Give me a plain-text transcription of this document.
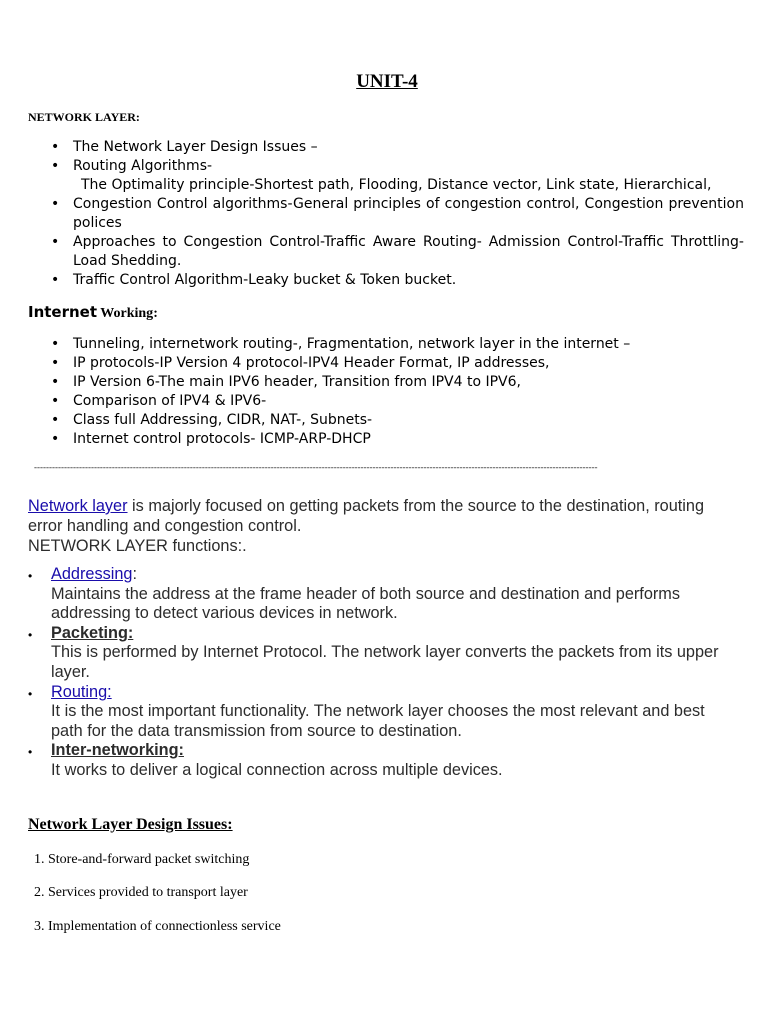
UNIT-4
NETWORK LAYER:
• The Network Layer Design Issues –
• Routing Algorithms-
The Optimality principle-Shortest path, Flooding, Distance vector, Link state, Hierarchical,
• Congestion Control algorithms-General principles of congestion control, Congestion prevention polices
• Approaches to Congestion Control-Traffic Aware Routing- Admission Control-Traffic Throttling-Load Shedding.
• Traffic Control Algorithm-Leaky bucket & Token bucket.
Internet Working:
• Tunneling, internetwork routing-, Fragmentation, network layer in the internet –
• IP protocols-IP Version 4 protocol-IPV4 Header Format, IP addresses,
• IP Version 6-The main IPV6 header, Transition from IPV4 to IPV6,
• Comparison of IPV4 & IPV6-
• Class full Addressing, CIDR, NAT-, Subnets-
• Internet control protocols- ICMP-ARP-DHCP
--------------------------------------------------------------------------------------------------------------------------------------------------------------------------------------------
Network layer is majorly focused on getting packets from the source to the destination, routing error handling and congestion control.
NETWORK LAYER functions:.
• Addressing:
Maintains the address at the frame header of both source and destination and performs addressing to detect various devices in network.
• Packeting:
This is performed by Internet Protocol. The network layer converts the packets from its upper layer.
• Routing:
It is the most important functionality. The network layer chooses the most relevant and best path for the data transmission from source to destination.
• Inter-networking:
It works to deliver a logical connection across multiple devices.
Network Layer Design Issues:
1. Store-and-forward packet switching
2. Services provided to transport layer
3. Implementation of connectionless service
